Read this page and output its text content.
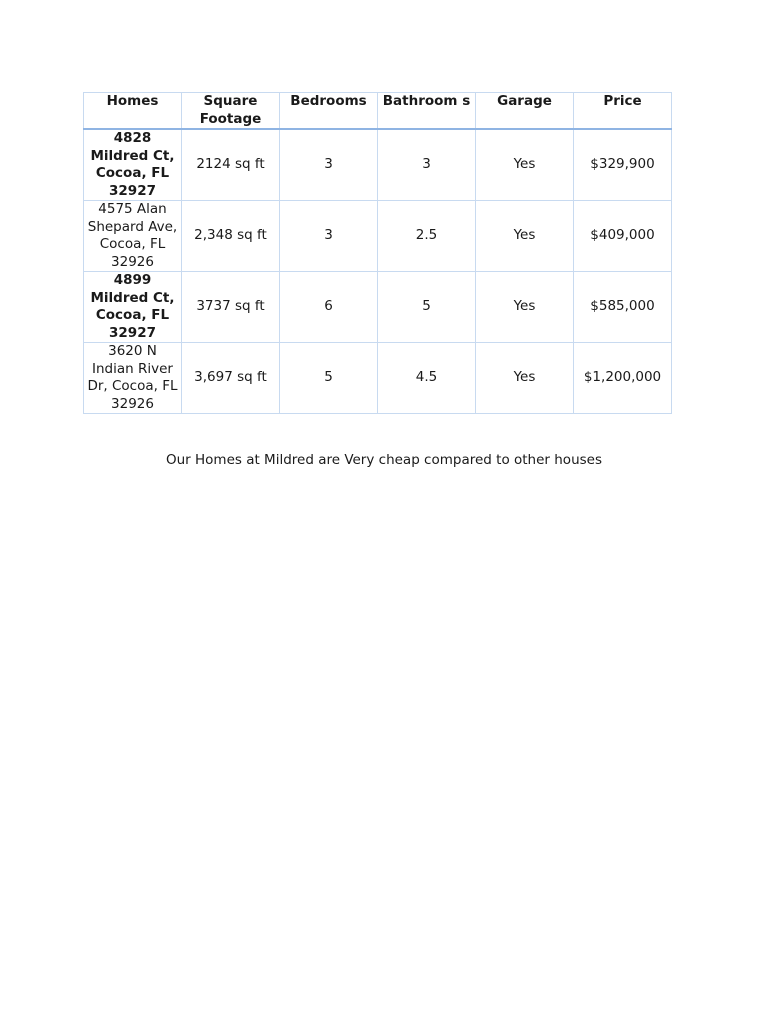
Homes	Square Footage	Bedrooms	Bathroom s	Garage	Price
4828 Mildred Ct, Cocoa, FL 32927	2124 sq ft	3	3	Yes	$329,900
4575 Alan Shepard Ave, Cocoa, FL 32926	2,348 sq ft	3	2.5	Yes	$409,000
4899 Mildred Ct, Cocoa, FL 32927	3737 sq ft	6	5	Yes	$585,000
3620 N Indian River Dr, Cocoa, FL 32926	3,697 sq ft	5	4.5	Yes	$1,200,000

Our Homes at Mildred are Very cheap compared to other houses
